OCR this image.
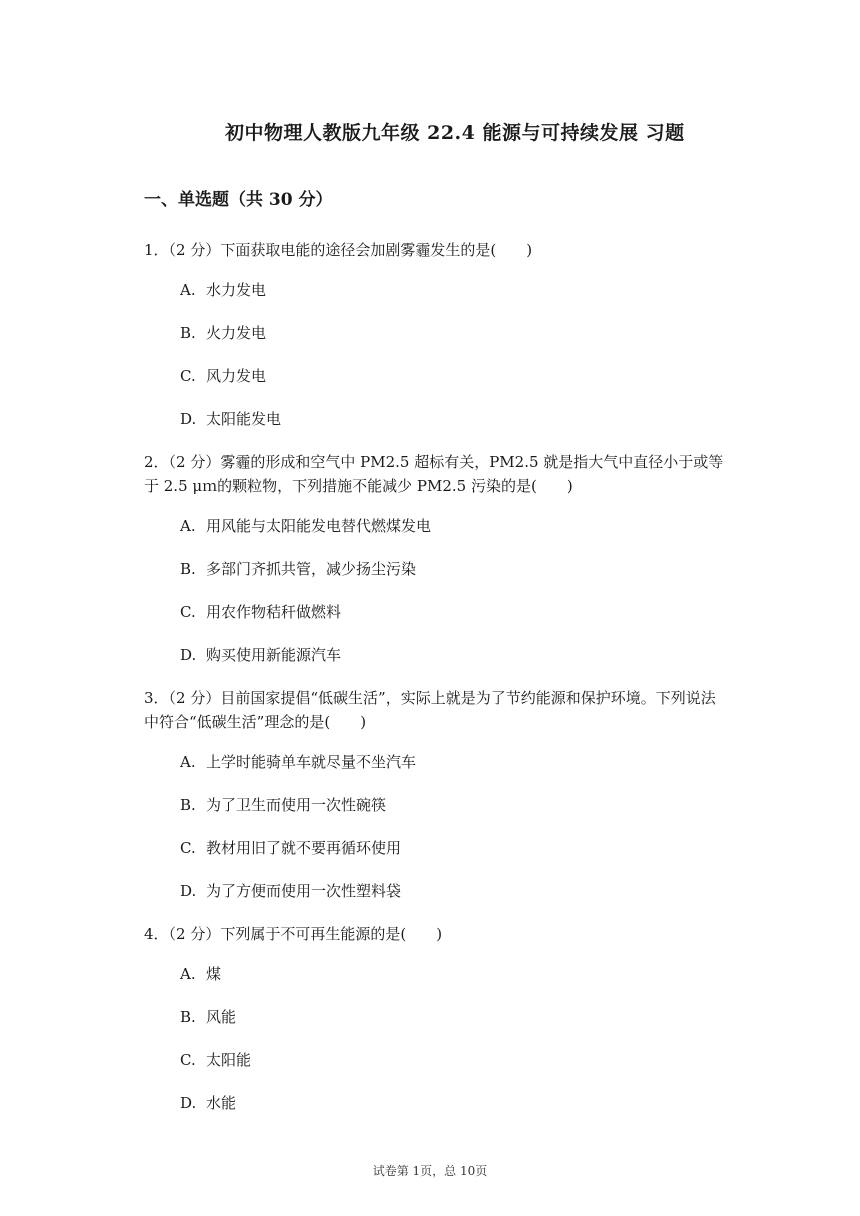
初中物理人教版九年级 22.4 能源与可持续发展 习题
一、单选题（共 30 分）

1．（2 分）下面获取电能的途径会加剧雾霾发生的是(　　)

A. 水力发电
B. 火力发电
C. 风力发电
D. 太阳能发电

2．（2 分）雾霾的形成和空气中 PM2.5 超标有关，PM2.5 就是指大气中直径小于或等于 2.5 μｍ的颗粒物，下列措施不能减少 PM2.5 污染的是(　　)

A. 用风能与太阳能发电替代燃煤发电
B. 多部门齐抓共管，减少扬尘污染
C. 用农作物秸秆做燃料
D. 购买使用新能源汽车

3．（2 分）目前国家提倡“低碳生活”，实际上就是为了节约能源和保护环境。下列说法中符合“低碳生活”理念的是(　　)

A. 上学时能骑单车就尽量不坐汽车
B. 为了卫生而使用一次性碗筷
C. 教材用旧了就不要再循环使用
D. 为了方便而使用一次性塑料袋

4．（2 分）下列属于不可再生能源的是(　　)

A. 煤
B. 风能
C. 太阳能
D. 水能
试卷第 1页，总 10页
